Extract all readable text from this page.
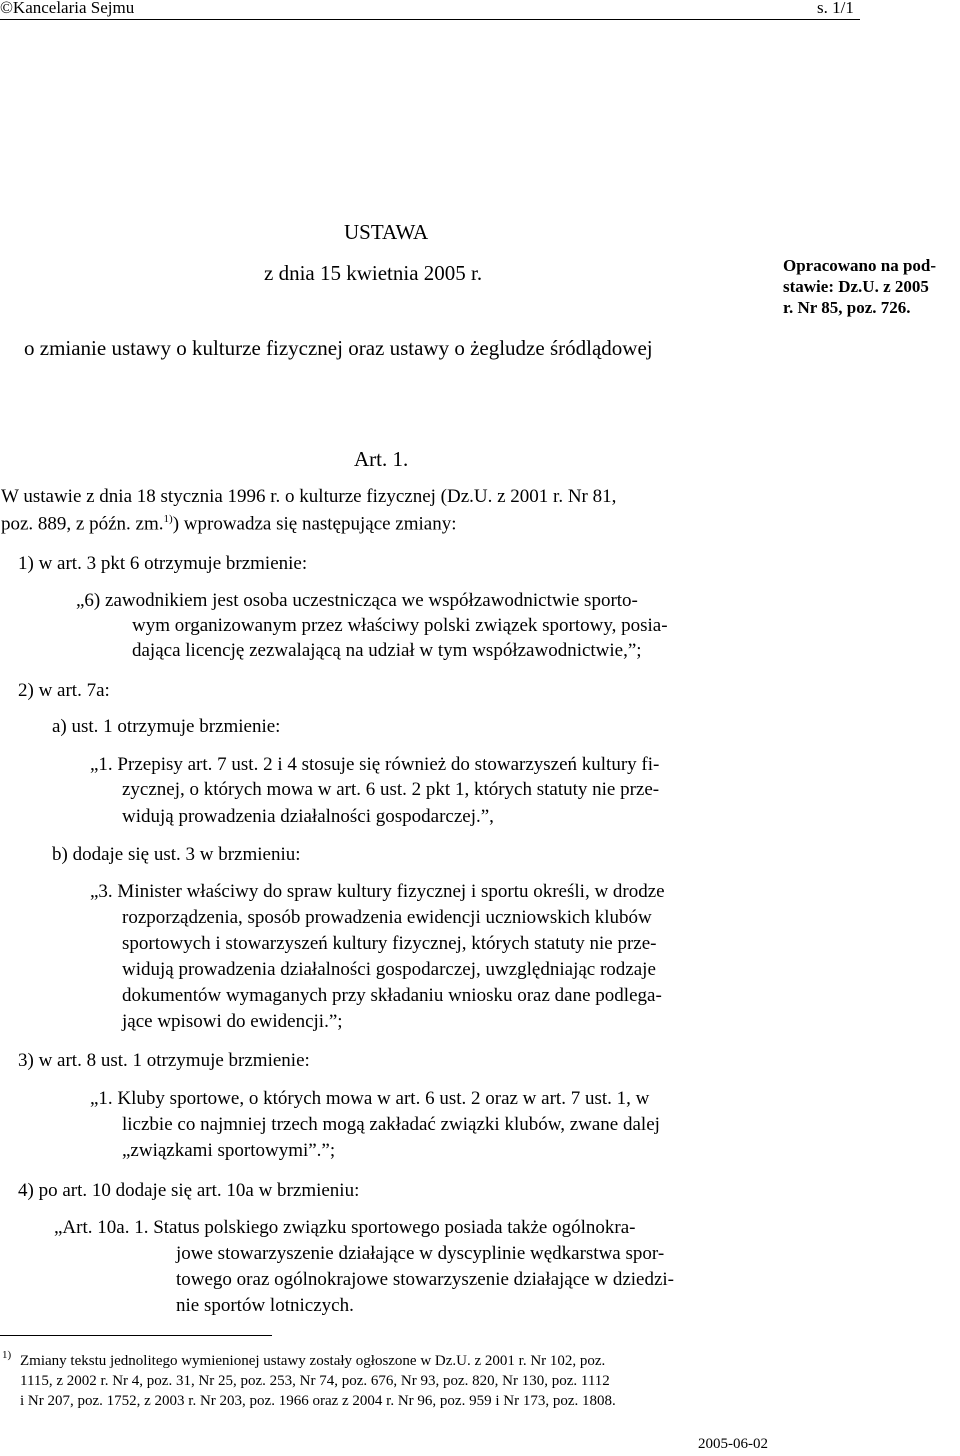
©Kancelaria Sejmu	s. 1/1
USTAWA
z dnia 15 kwietnia 2005 r.
o zmianie ustawy o kulturze fizycznej oraz ustawy o żegludze śródlądowej
Opracowano na pod-
stawie: Dz.U. z 2005
r. Nr 85, poz. 726.
Art. 1.
W ustawie z dnia 18 stycznia 1996 r. o kulturze fizycznej (Dz.U. z 2001 r. Nr 81,
poz. 889, z późn. zm.$^{1)}$) wprowadza się następujące zmiany:
1) w art. 3 pkt 6 otrzymuje brzmienie:
„6) zawodnikiem jest osoba uczestnicząca we współzawodnictwie sporto-
wym organizowanym przez właściwy polski związek sportowy, posia-
dająca licencję zezwalającą na udział w tym współzawodnictwie,”;
2) w art. 7a:
a) ust. 1 otrzymuje brzmienie:
„1. Przepisy art. 7 ust. 2 i 4 stosuje się również do stowarzyszeń kultury fi-
zycznej, o których mowa w art. 6 ust. 2 pkt 1, których statuty nie prze-
widują prowadzenia działalności gospodarczej.”,
b) dodaje się ust. 3 w brzmieniu:
„3. Minister właściwy do spraw kultury fizycznej i sportu określi, w drodze
rozporządzenia, sposób prowadzenia ewidencji uczniowskich klubów
sportowych i stowarzyszeń kultury fizycznej, których statuty nie prze-
widują prowadzenia działalności gospodarczej, uwzględniając rodzaje
dokumentów wymaganych przy składaniu wniosku oraz dane podlega-
jące wpisowi do ewidencji.”;
3) w art. 8 ust. 1 otrzymuje brzmienie:
„1. Kluby sportowe, o których mowa w art. 6 ust. 2 oraz w art. 7 ust. 1, w
liczbie co najmniej trzech mogą zakładać związki klubów, zwane dalej
„związkami sportowymi”.”;
4) po art. 10 dodaje się art. 10a w brzmieniu:
„Art. 10a. 1. Status polskiego związku sportowego posiada także ogólnokra-
jowe stowarzyszenie działające w dyscyplinie wędkarstwa spor-
towego oraz ogólnokrajowe stowarzyszenie działające w dziedzi-
nie sportów lotniczych.
1) Zmiany tekstu jednolitego wymienionej ustawy zostały ogłoszone w Dz.U. z 2001 r. Nr 102, poz.
1115, z 2002 r. Nr 4, poz. 31, Nr 25, poz. 253, Nr 74, poz. 676, Nr 93, poz. 820, Nr 130, poz. 1112
i Nr 207, poz. 1752, z 2003 r. Nr 203, poz. 1966 oraz z 2004 r. Nr 96, poz. 959 i Nr 173, poz. 1808.
2005-06-02
